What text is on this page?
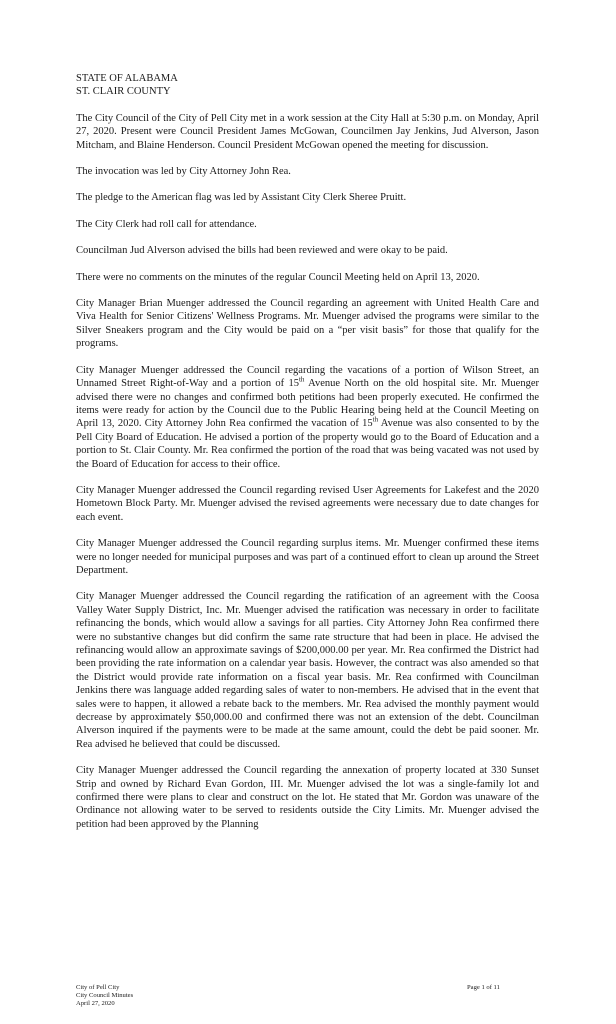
STATE OF ALABAMA
ST. CLAIR COUNTY

The City Council of the City of Pell City met in a work session at the City Hall at 5:30 p.m. on Monday, April 27, 2020. Present were Council President James McGowan, Councilmen Jay Jenkins, Jud Alverson, Jason Mitcham, and Blaine Henderson. Council President McGowan opened the meeting for discussion.

The invocation was led by City Attorney John Rea.

The pledge to the American flag was led by Assistant City Clerk Sheree Pruitt.

The City Clerk had roll call for attendance.

Councilman Jud Alverson advised the bills had been reviewed and were okay to be paid.

There were no comments on the minutes of the regular Council Meeting held on April 13, 2020.

City Manager Brian Muenger addressed the Council regarding an agreement with United Health Care and Viva Health for Senior Citizens' Wellness Programs. Mr. Muenger advised the programs were similar to the Silver Sneakers program and the City would be paid on a “per visit basis” for those that qualify for the programs.

City Manager Muenger addressed the Council regarding the vacations of a portion of Wilson Street, an Unnamed Street Right-of-Way and a portion of 15th Avenue North on the old hospital site. Mr. Muenger advised there were no changes and confirmed both petitions had been properly executed. He confirmed the items were ready for action by the Council due to the Public Hearing being held at the Council Meeting on April 13, 2020. City Attorney John Rea confirmed the vacation of 15th Avenue was also consented to by the Pell City Board of Education. He advised a portion of the property would go to the Board of Education and a portion to St. Clair County. Mr. Rea confirmed the portion of the road that was being vacated was not used by the Board of Education for access to their office.

City Manager Muenger addressed the Council regarding revised User Agreements for Lakefest and the 2020 Hometown Block Party. Mr. Muenger advised the revised agreements were necessary due to date changes for each event.

City Manager Muenger addressed the Council regarding surplus items. Mr. Muenger confirmed these items were no longer needed for municipal purposes and was part of a continued effort to clean up around the Street Department.

City Manager Muenger addressed the Council regarding the ratification of an agreement with the Coosa Valley Water Supply District, Inc. Mr. Muenger advised the ratification was necessary in order to facilitate refinancing the bonds, which would allow a savings for all parties. City Attorney John Rea confirmed there were no substantive changes but did confirm the same rate structure that had been in place. He advised the refinancing would allow an approximate savings of $200,000.00 per year. Mr. Rea confirmed the District had been providing the rate information on a calendar year basis. However, the contract was also amended so that the District would provide rate information on a fiscal year basis. Mr. Rea confirmed with Councilman Jenkins there was language added regarding sales of water to non-members. He advised that in the event that sales were to happen, it allowed a rebate back to the members. Mr. Rea advised the monthly payment would decrease by approximately $50,000.00 and confirmed there was not an extension of the debt. Councilman Alverson inquired if the payments were to be made at the same amount, could the debt be paid sooner. Mr. Rea advised he believed that could be discussed.

City Manager Muenger addressed the Council regarding the annexation of property located at 330 Sunset Strip and owned by Richard Evan Gordon, III. Mr. Muenger advised the lot was a single-family lot and confirmed there were plans to clear and construct on the lot. He stated that Mr. Gordon was unaware of the Ordinance not allowing water to be served to residents outside the City Limits. Mr. Muenger advised the petition had been approved by the Planning

City of Pell City
City Council Minutes
April 27, 2020
Page 1 of 11
